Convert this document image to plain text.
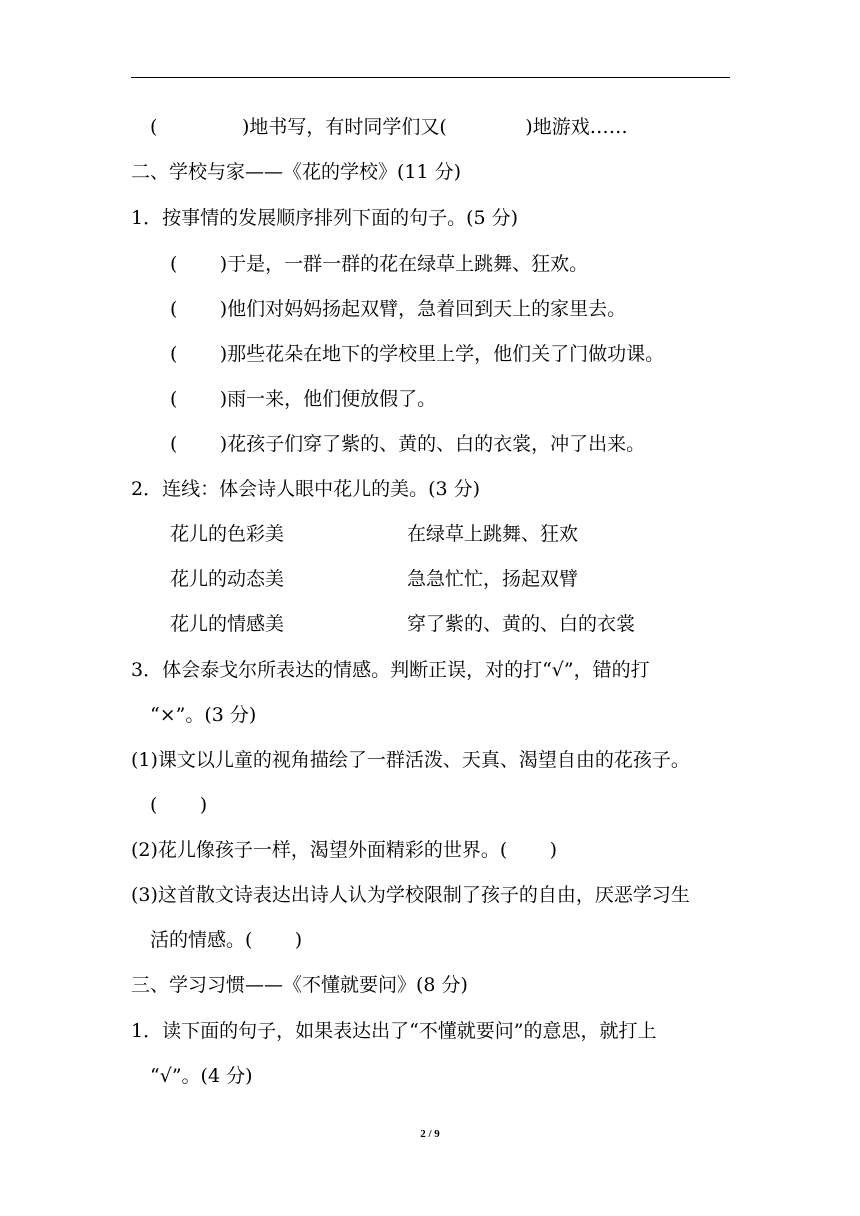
(              )地书写，有时同学们又(             )地游戏……
二、学校与家——《花的学校》(11 分)
1．按事情的发展顺序排列下面的句子。(5 分)
(       )于是，一群一群的花在绿草上跳舞、狂欢。
(       )他们对妈妈扬起双臂，急着回到天上的家里去。
(       )那些花朵在地下的学校里上学，他们关了门做功课。
(       )雨一来，他们便放假了。
(       )花孩子们穿了紫的、黄的、白的衣裳，冲了出来。
2．连线：体会诗人眼中花儿的美。(3 分)
花儿的色彩美	在绿草上跳舞、狂欢
花儿的动态美	急急忙忙，扬起双臂
花儿的情感美	穿了紫的、黄的、白的衣裳
3．体会泰戈尔所表达的情感。判断正误，对的打“√”，错的打
“×”。(3 分)
(1)课文以儿童的视角描绘了一群活泼、天真、渴望自由的花孩子。
(       )
(2)花儿像孩子一样，渴望外面精彩的世界。(       )
(3)这首散文诗表达出诗人认为学校限制了孩子的自由，厌恶学习生
活的情感。(       )
三、学习习惯——《不懂就要问》(8 分)
1．读下面的句子，如果表达出了“不懂就要问”的意思，就打上
“√”。(4 分)
2 / 9
